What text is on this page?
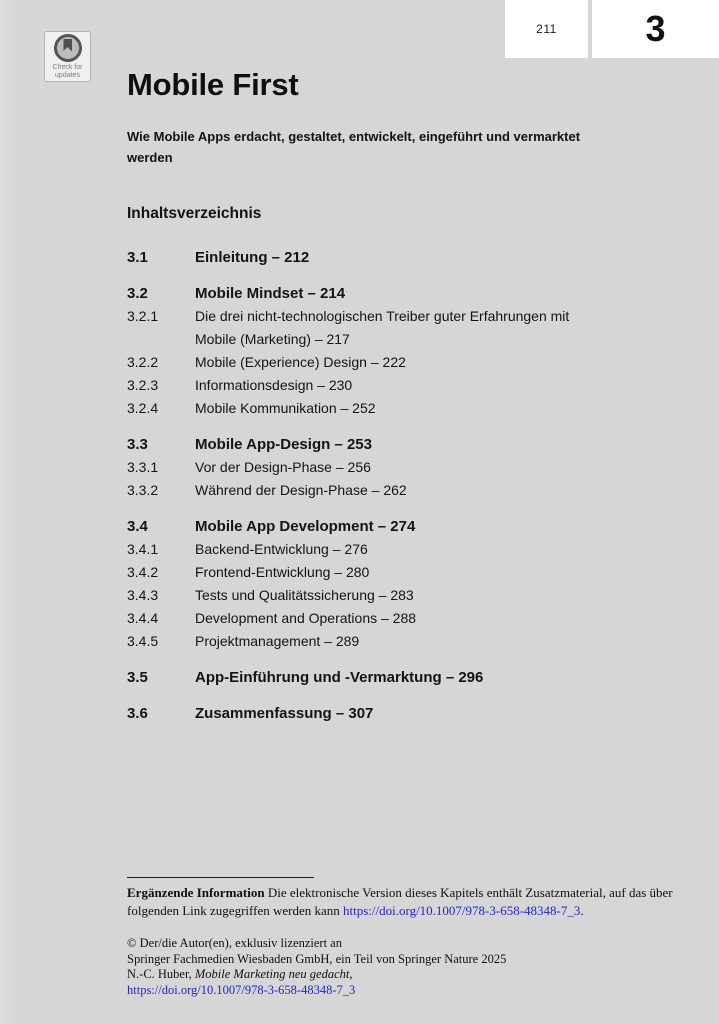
Check for
updates
211 3
Mobile First

Wie Mobile Apps erdacht, gestaltet, entwickelt, eingeführt und vermarktet werden

Inhaltsverzeichnis
3.1	Einleitung – 212
3.2	Mobile Mindset – 214
3.2.1	Die drei nicht-technologischen Treiber guter Erfahrungen mit Mobile (Marketing) – 217
3.2.2	Mobile (Experience) Design – 222
3.2.3	Informationsdesign – 230
3.2.4	Mobile Kommunikation – 252
3.3	Mobile App-Design – 253
3.3.1	Vor der Design-Phase – 256
3.3.2	Während der Design-Phase – 262
3.4	Mobile App Development – 274
3.4.1	Backend-Entwicklung – 276
3.4.2	Frontend-Entwicklung – 280
3.4.3	Tests und Qualitätssicherung – 283
3.4.4	Development and Operations – 288
3.4.5	Projektmanagement – 289
3.5	App-Einführung und -Vermarktung – 296
3.6	Zusammenfassung – 307

Ergänzende Information Die elektronische Version dieses Kapitels enthält Zusatzmaterial, auf das über folgenden Link zugegriffen werden kann https://doi.org/10.1007/978-3-658-48348-7_3.

© Der/die Autor(en), exklusiv lizenziert an
Springer Fachmedien Wiesbaden GmbH, ein Teil von Springer Nature 2025
N.-C. Huber, Mobile Marketing neu gedacht,
https://doi.org/10.1007/978-3-658-48348-7_3
